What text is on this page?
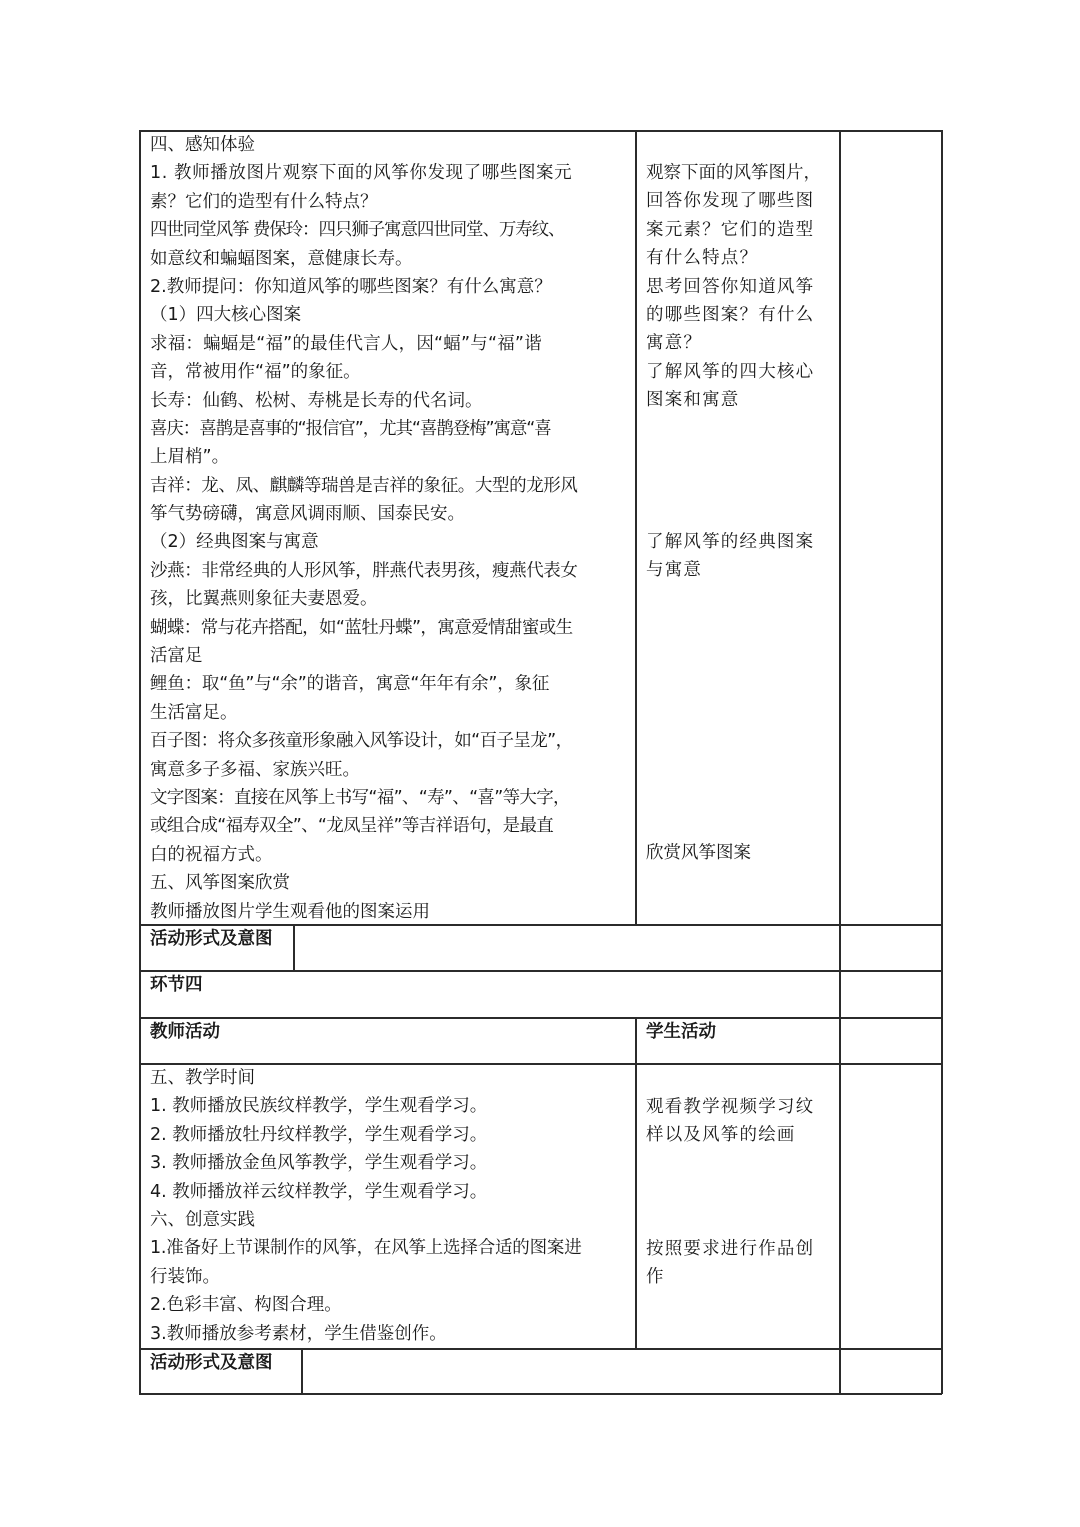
四、感知体验
1. 教师播放图片观察下面的风筝你发现了哪些图案元
素？它们的造型有什么特点？
四世同堂风筝 费保玲：四只狮子寓意四世同堂、万寿纹、
如意纹和蝙蝠图案，意健康长寿。
2.教师提问：你知道风筝的哪些图案？有什么寓意？
（1）四大核心图案
求福：蝙蝠是“福”的最佳代言人，因“蝠”与“福”谐
音，常被用作“福”的象征。
长寿：仙鹤、松树、寿桃是长寿的代名词。
喜庆：喜鹊是喜事的“报信官”，尤其“喜鹊登梅”寓意“喜
上眉梢”。
吉祥：龙、凤、麒麟等瑞兽是吉祥的象征。大型的龙形风
筝气势磅礴，寓意风调雨顺、国泰民安。
（2）经典图案与寓意
沙燕：非常经典的人形风筝，胖燕代表男孩，瘦燕代表女
孩，比翼燕则象征夫妻恩爱。
蝴蝶：常与花卉搭配，如“蓝牡丹蝶”，寓意爱情甜蜜或生
活富足
鲤鱼：取“鱼”与“余”的谐音，寓意“年年有余”，象征
生活富足。
百子图：将众多孩童形象融入风筝设计，如“百子呈龙”，
寓意多子多福、家族兴旺。
文字图案：直接在风筝上书写“福”、“寿”、“喜”等大字，
或组合成“福寿双全”、“龙凤呈祥”等吉祥语句，是最直
白的祝福方式。
五、风筝图案欣赏
教师播放图片学生观看他的图案运用
观察下面的风筝图片，
回答你发现了哪些图
案元素？它们的造型
有什么特点？
思考回答你知道风筝
的哪些图案？有什么
寓意？
了解风筝的四大核心
图案和寓意
了解风筝的经典图案
与寓意
欣赏风筝图案
活动形式及意图
环节四
教师活动	学生活动
五、教学时间
1. 教师播放民族纹样教学，学生观看学习。
2. 教师播放牡丹纹样教学，学生观看学习。
3. 教师播放金鱼风筝教学，学生观看学习。
4. 教师播放祥云纹样教学，学生观看学习。
六、创意实践
1.准备好上节课制作的风筝，在风筝上选择合适的图案进
行装饰。
2.色彩丰富、构图合理。
3.教师播放参考素材，学生借鉴创作。
观看教学视频学习纹
样以及风筝的绘画
按照要求进行作品创
作
活动形式及意图
